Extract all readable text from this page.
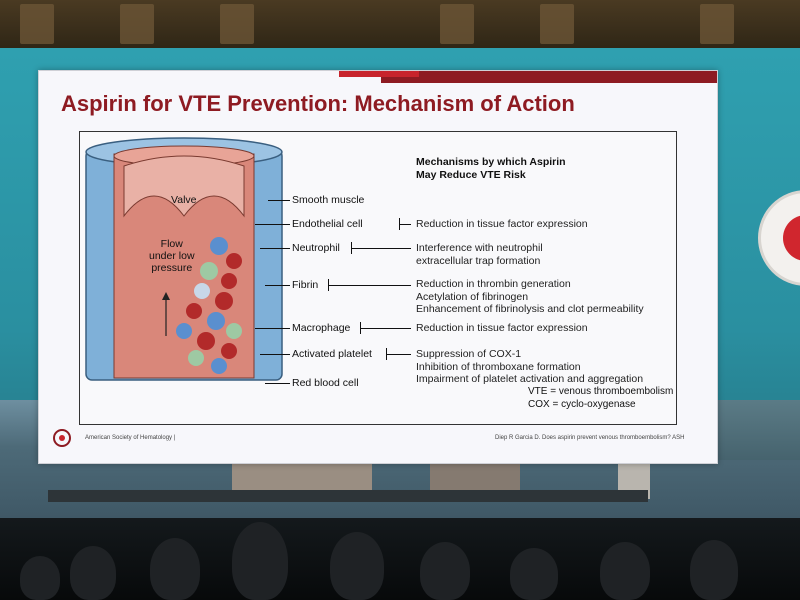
Aspirin for VTE Prevention: Mechanism of Action
Valve
Flow
under low
pressure
Smooth muscle
Endothelial cell
Neutrophil
Fibrin
Macrophage
Activated platelet
Red blood cell
Mechanisms by which Aspirin
May Reduce VTE Risk
Reduction in tissue factor expression
Interference with neutrophil
extracellular trap formation
Reduction in thrombin generation
Acetylation of fibrinogen
Enhancement of fibrinolysis and clot permeability
Reduction in tissue factor expression
Suppression of COX-1
Inhibition of thromboxane formation
Impairment of platelet activation and aggregation
VTE = venous thromboembolism
COX = cyclo-oxygenase
American Society of Hematology |	Diep R Garcia D. Does aspirin prevent venous thromboembolism? ASH
